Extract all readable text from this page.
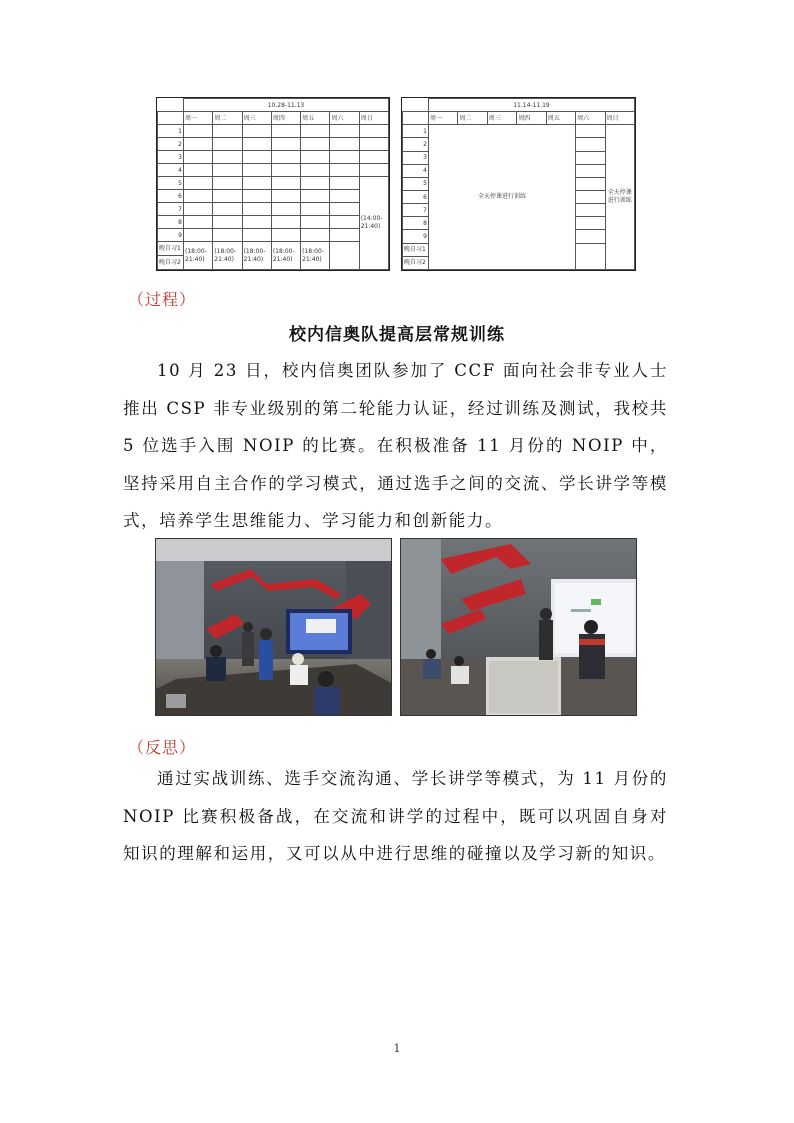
	10.28-11.13						
	周一	周二	周三	周四	周五	周六	周日
1							
2							
3							
4							
5							(14:00-21:40)
6							
7							
8							
9							
晚自习1	(18:00-21:40)	(18:00-21:40)	(18:00-21:40)	(18:00-21:40)	(18:00-21:40)		
晚自习2							
	11.14-11.19						
	周一	周二	周三	周四	周五	周六	周日
1	全天停课进行训练						全天停课进行训练
2							
3							
4							
5							
6							
7							
8							
9							
晚自习1							
晚自习2							
（过程）
校内信奥队提高层常规训练

10 月 23 日，校内信奥团队参加了 CCF 面向社会非专业人士推出 CSP 非专业级别的第二轮能力认证，经过训练及测试，我校共 5 位选手入围 NOIP 的比赛。在积极准备 11 月份的 NOIP 中，坚持采用自主合作的学习模式，通过选手之间的交流、学长讲学等模式，培养学生思维能力、学习能力和创新能力。

（反思）

通过实战训练、选手交流沟通、学长讲学等模式，为 11 月份的 NOIP 比赛积极备战，在交流和讲学的过程中，既可以巩固自身对知识的理解和运用，又可以从中进行思维的碰撞以及学习新的知识。

1
